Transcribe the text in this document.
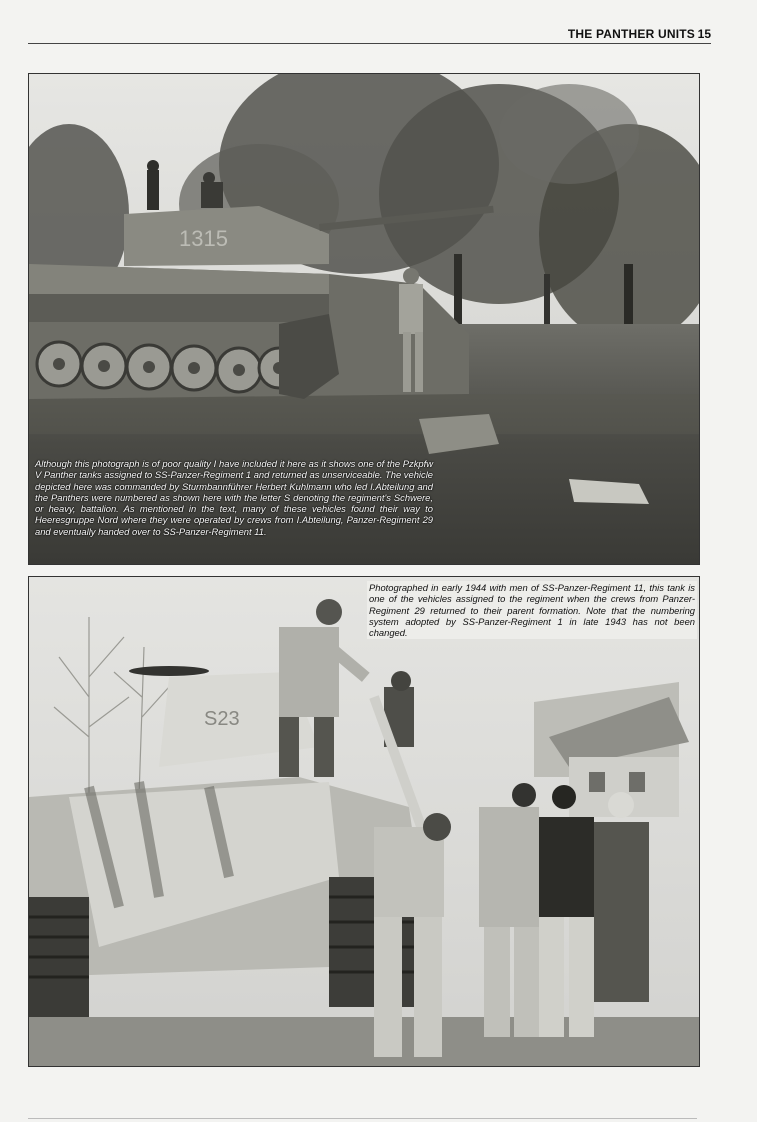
THE PANTHER UNITS 15
1315
Although this photograph is of poor quality I have included it here as it shows one of the Pzkpfw V Panther tanks assigned to SS-Panzer-Regiment 1 and returned as unserviceable. The vehicle depicted here was commanded by Sturmbannführer Herbert Kuhlmann who led I.Abteilung and the Panthers were numbered as shown here with the letter S denoting the regiment's Schwere, or heavy, battalion. As mentioned in the text, many of these vehicles found their way to Heeresgruppe Nord where they were operated by crews from I.Abteilung, Panzer-Regiment 29 and eventually handed over to SS-Panzer-Regiment 11.
S23
Photographed in early 1944 with men of SS-Panzer-Regiment 11, this tank is one of the vehicles assigned to the regiment when the crews from Panzer-Regiment 29 returned to their parent formation. Note that the numbering system adopted by SS-Panzer-Regiment 1 in late 1943 has not been changed.
